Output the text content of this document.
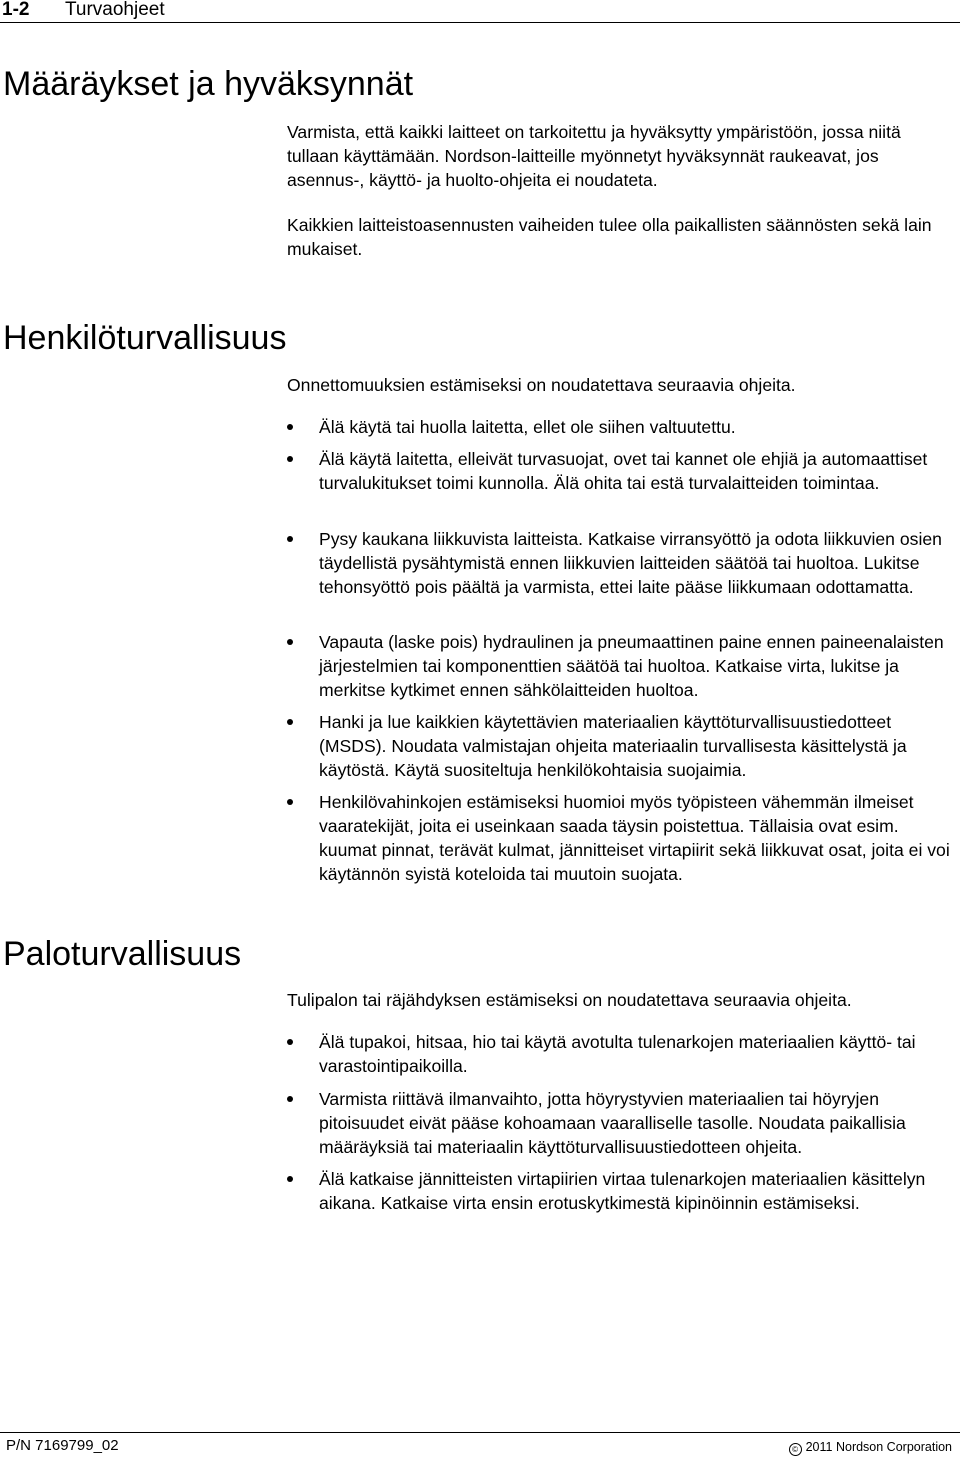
1-2 Turvaohjeet
Määräykset ja hyväksynnät

Varmista, että kaikki laitteet on tarkoitettu ja hyväksytty ympäristöön, jossa niitä tullaan käyttämään. Nordson-laitteille myönnetyt hyväksynnät raukeavat, jos asennus-, käyttö- ja huolto-ohjeita ei noudateta.

Kaikkien laitteistoasennusten vaiheiden tulee olla paikallisten säännösten sekä lain mukaiset.

Henkilöturvallisuus

Onnettomuuksien estämiseksi on noudatettava seuraavia ohjeita.

Älä käytä tai huolla laitetta, ellet ole siihen valtuutettu.
Älä käytä laitetta, elleivät turvasuojat, ovet tai kannet ole ehjiä ja automaattiset turvalukitukset toimi kunnolla. Älä ohita tai estä turvalaitteiden toimintaa.
Pysy kaukana liikkuvista laitteista. Katkaise virransyöttö ja odota liikkuvien osien täydellistä pysähtymistä ennen liikkuvien laitteiden säätöä tai huoltoa. Lukitse tehonsyöttö pois päältä ja varmista, ettei laite pääse liikkumaan odottamatta.
Vapauta (laske pois) hydraulinen ja pneumaattinen paine ennen paineenalaisten järjestelmien tai komponenttien säätöä tai huoltoa. Katkaise virta, lukitse ja merkitse kytkimet ennen sähkölaitteiden huoltoa.
Hanki ja lue kaikkien käytettävien materiaalien käyttöturvallisuustiedotteet (MSDS). Noudata valmistajan ohjeita materiaalin turvallisesta käsittelystä ja käytöstä. Käytä suositeltuja henkilökohtaisia suojaimia.
Henkilövahinkojen estämiseksi huomioi myös työpisteen vähemmän ilmeiset vaaratekijät, joita ei useinkaan saada täysin poistettua. Tällaisia ovat esim. kuumat pinnat, terävät kulmat, jännitteiset virtapiirit sekä liikkuvat osat, joita ei voi käytännön syistä koteloida tai muutoin suojata.
Paloturvallisuus

Tulipalon tai räjähdyksen estämiseksi on noudatettava seuraavia ohjeita.

Älä tupakoi, hitsaa, hio tai käytä avotulta tulenarkojen materiaalien käyttö- tai varastointipaikoilla.
Varmista riittävä ilmanvaihto, jotta höyrystyvien materiaalien tai höyryjen pitoisuudet eivät pääse kohoamaan vaaralliselle tasolle. Noudata paikallisia määräyksiä tai materiaalin käyttöturvallisuustiedotteen ohjeita.
Älä katkaise jännitteisten virtapiirien virtaa tulenarkojen materiaalien käsittelyn aikana. Katkaise virta ensin erotuskytkimestä kipinöinnin estämiseksi.
P/N 7169799_02	© 2011 Nordson Corporation
